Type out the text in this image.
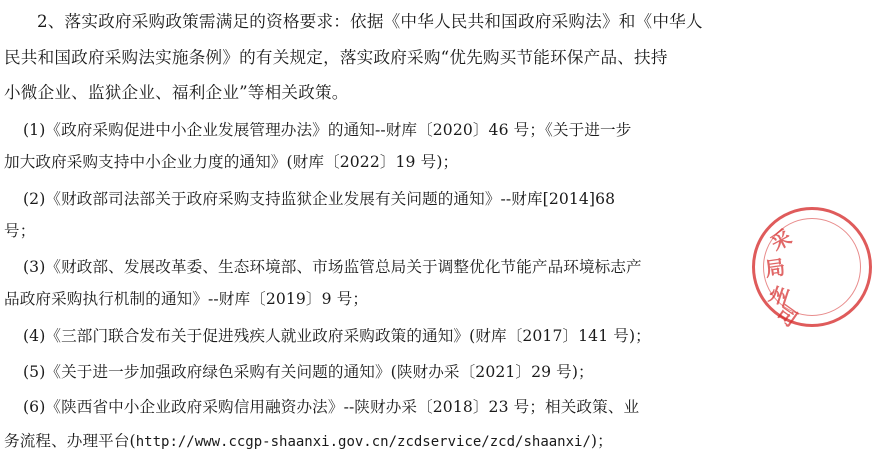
2、落实政府采购政策需满足的资格要求：依据《中华人民共和国政府采购法》和《中华人
民共和国政府采购法实施条例》的有关规定，落实政府采购“优先购买节能环保产品、扶持
小微企业、监狱企业、福利企业”等相关政策。
(1)《政府采购促进中小企业发展管理办法》的通知--财库〔2020〕46 号；《关于进一步
加大政府采购支持中小企业力度的通知》(财库〔2022〕19 号)；
(2)《财政部司法部关于政府采购支持监狱企业发展有关问题的通知》--财库[2014]68
号；
(3)《财政部、发展改革委、生态环境部、市场监管总局关于调整优化节能产品环境标志产
品政府采购执行机制的通知》--财库〔2019〕9 号；
(4)《三部门联合发布关于促进残疾人就业政府采购政策的通知》(财库〔2017〕141 号)；
(5)《关于进一步加强政府绿色采购有关问题的通知》(陕财办采〔2021〕29 号)；
(6)《陕西省中小企业政府采购信用融资办法》--陕财办采〔2018〕23 号；相关政策、业
务流程、办理平台(http://www.ccgp-shaanxi.gov.cn/zcdservice/zcd/shaanxi/)；
采
局
州
司
